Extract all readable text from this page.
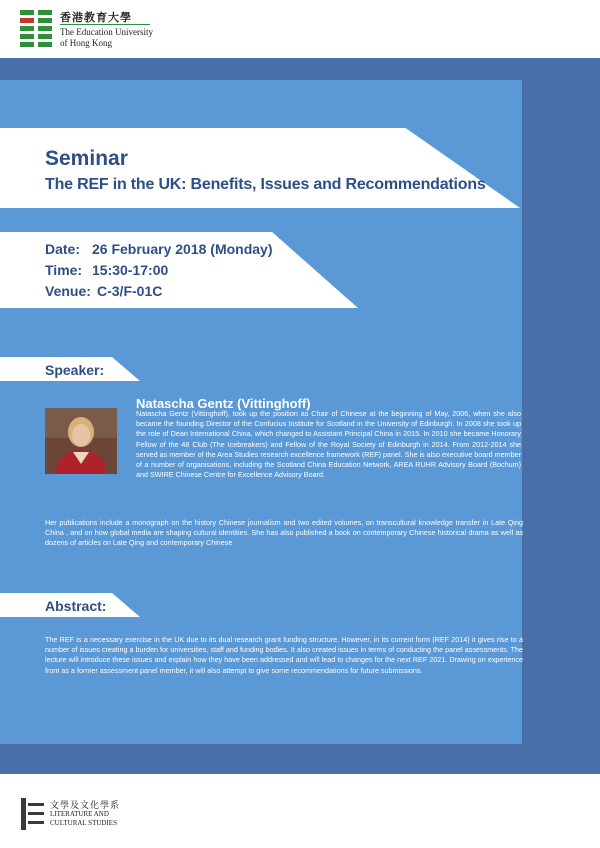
香港教育大學
The Education University
of Hong Kong
Seminar
The REF in the UK: Benefits, Issues and Recommendations
Date: 26 February 2018 (Monday)
Time: 15:30-17:00
Venue: C-3/F-01C
Speaker:
Natascha Gentz (Vittinghoff)
Natascha Gentz (Vittinghoff), took up the position as Chair of Chinese at the beginning of May, 2006, when she also became the founding Director of the Confucius Institute for Scotland in the University of Edinburgh. In 2008 she took up the role of Dean International China, which changed to Assistant Principal China in 2015. In 2010 she became Honorary Fellow of the 48 Club (The Icebreakers) and Fellow of the Royal Society of Edinburgh in 2014. From 2012-2014 she served as member of the Area Studies research excellence framework (REF) panel. She is also executive board member of a number of organisations, including the Scotland China Education Network, AREA RUHR Advisory Board (Bochum) and SWIRE Chinese Centre for Excellence Advisory Board.
Her publications include a monograph on the history Chinese journalism and two edited volumes, on transcultural knowledge transfer in Late Qing China , and on how global media are shaping cultural identities. She has also published a book on contemporary Chinese historical drama as well as dozens of articles on Late Qing and contemporary Chinese
Abstract:
The REF is a necessary exercise in the UK due to its dual research grant funding structure. However, in its current form (REF 2014) it gives rise to a number of issues creating a burden for universities, staff and funding bodies. It also created issues in terms of conducting the panel assessments. The lecture will introduce these issues and explain how they have been addressed and will lead to changes for the next REF 2021. Drawing on experience from as a former assessment panel member, it will also attempt to give some recommendations for future submissions.
文學及文化學系
LITERATURE AND
CULTURAL STUDIES
